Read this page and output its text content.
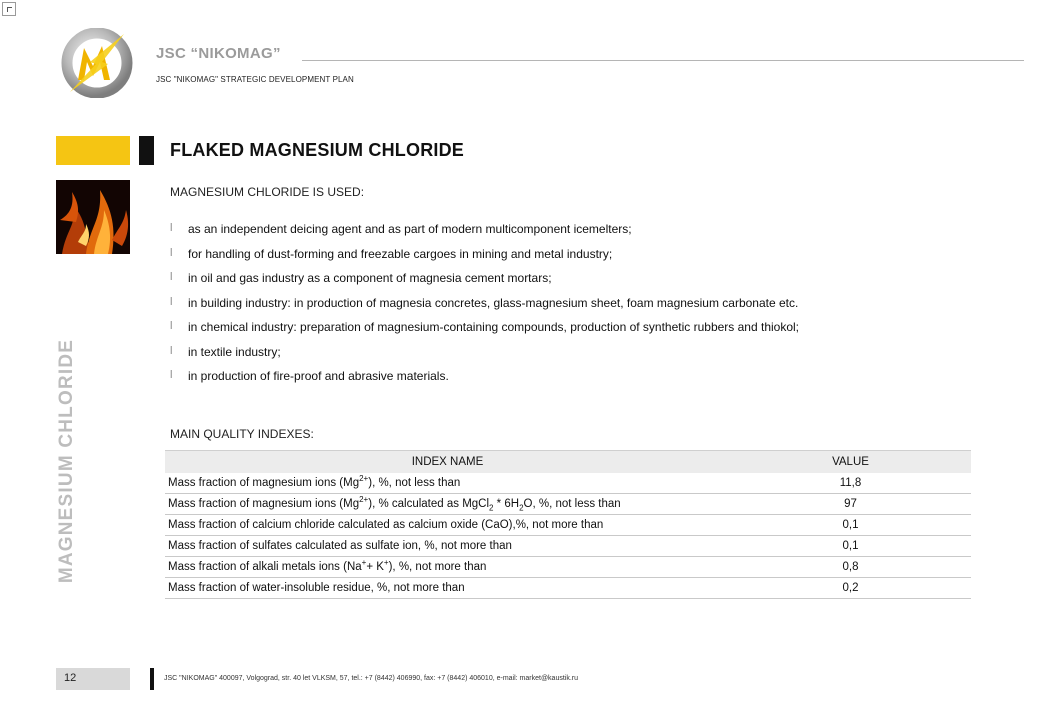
JSC “NIKOMAG”
JSC "NIKOMAG" STRATEGIC DEVELOPMENT PLAN
FLAKED MAGNESIUM CHLORIDE
MAGNESIUM CHLORIDE
MAGNESIUM CHLORIDE IS USED:
l as an independent deicing agent and as part of modern multicomponent icemelters;
l for handling of dust-forming and freezable cargoes in mining and metal industry;
l in oil and gas industry as a component of magnesia cement mortars;
l in building industry: in production of magnesia concretes, glass-magnesium sheet, foam magnesium carbonate etc.
l in chemical industry: preparation of magnesium-containing compounds, production of synthetic rubbers and thiokol;
l in textile industry;
l in production of fire-proof and abrasive materials.
MAIN QUALITY INDEXES:
INDEX NAME	VALUE
Mass fraction of magnesium ions $(Mg^{2+})$, %, not less than	11,8
Mass fraction of magnesium ions $(Mg^{2+})$, % calculated as MgCl$_2$ * $6H_2O$, %, not less than	97
Mass fraction of calcium chloride calculated as calcium oxide (CaO),%, not more than	0,1
Mass fraction of sulfates calculated as sulfate ion, %, not more than	0,1
Mass fraction of alkali metals ions (Na++ K+), %, not more than	0,8
Mass fraction of water-insoluble residue, %, not more than	0,2
12	JSC "NIKOMAG" 400097, Volgograd, str. 40 let VLKSM, 57, tel.: +7 (8442) 406990, fax: +7 (8442) 406010, e-mail: market@kaustik.ru
